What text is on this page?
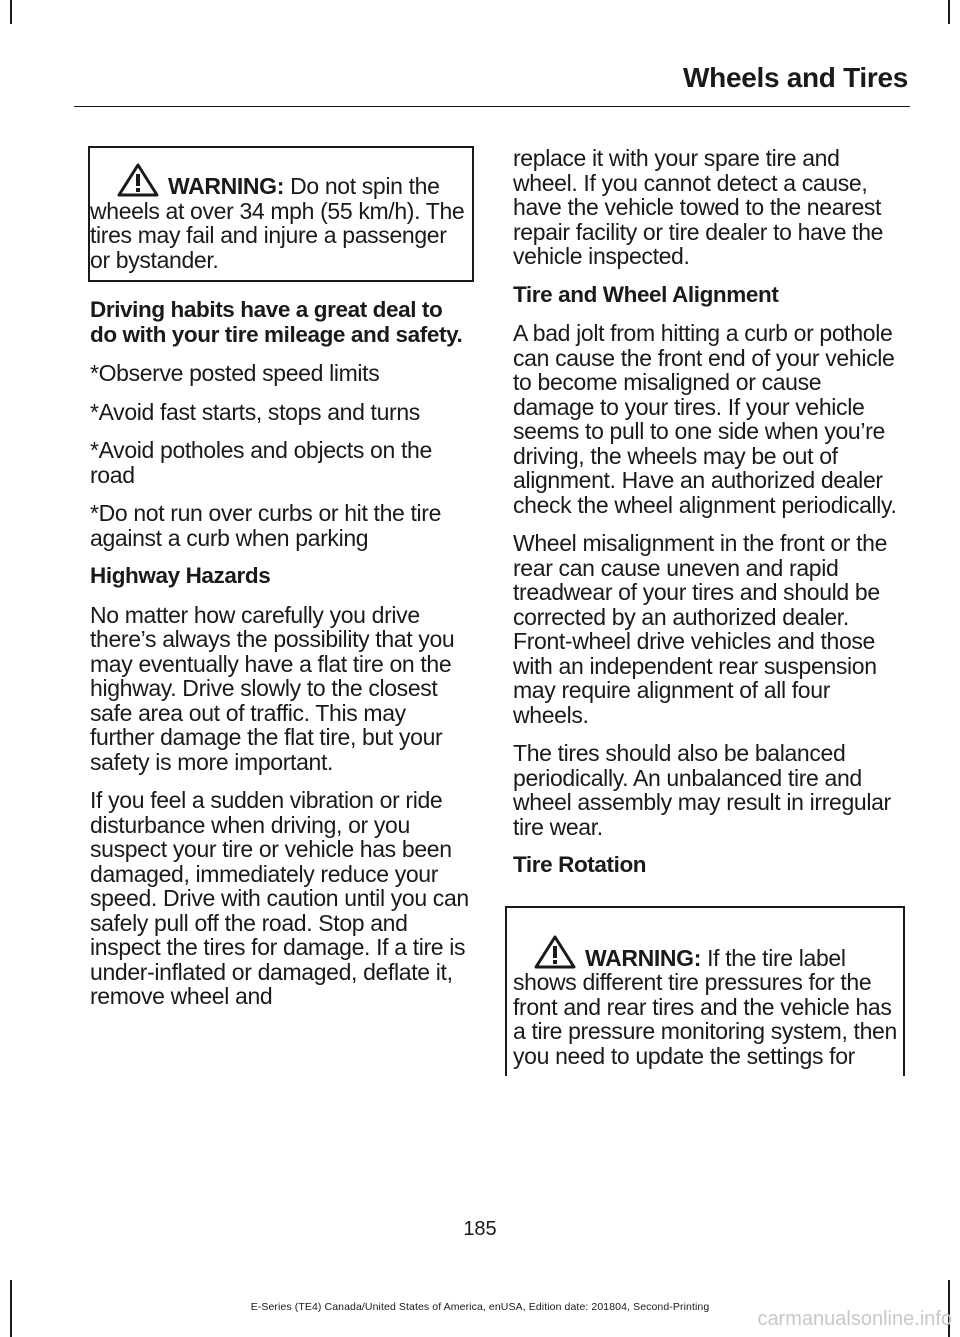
Wheels and Tires

WARNING: Do not spin the wheels at over 34 mph (55 km/h). The tires may fail and injure a passenger or bystander.

Driving habits have a great deal to do with your tire mileage and safety.

*Observe posted speed limits

*Avoid fast starts, stops and turns

*Avoid potholes and objects on the road

*Do not run over curbs or hit the tire against a curb when parking

Highway Hazards

No matter how carefully you drive there’s always the possibility that you may eventually have a flat tire on the highway. Drive slowly to the closest safe area out of traffic. This may further damage the flat tire, but your safety is more important.

If you feel a sudden vibration or ride disturbance when driving, or you suspect your tire or vehicle has been damaged, immediately reduce your speed. Drive with caution until you can safely pull off the road. Stop and inspect the tires for damage. If a tire is under-inflated or damaged, deflate it, remove wheel and

replace it with your spare tire and wheel. If you cannot detect a cause, have the vehicle towed to the nearest repair facility or tire dealer to have the vehicle inspected.

Tire and Wheel Alignment

A bad jolt from hitting a curb or pothole can cause the front end of your vehicle to become misaligned or cause damage to your tires. If your vehicle seems to pull to one side when you’re driving, the wheels may be out of alignment. Have an authorized dealer check the wheel alignment periodically.

Wheel misalignment in the front or the rear can cause uneven and rapid treadwear of your tires and should be corrected by an authorized dealer. Front-wheel drive vehicles and those with an independent rear suspension may require alignment of all four wheels.

The tires should also be balanced periodically. An unbalanced tire and wheel assembly may result in irregular tire wear.

Tire Rotation

WARNING: If the tire label shows different tire pressures for the front and rear tires and the vehicle has a tire pressure monitoring system, then you need to update the settings for

185
E-Series (TE4) Canada/United States of America, enUSA, Edition date: 201804, Second-Printing
carmanualsonline.info
